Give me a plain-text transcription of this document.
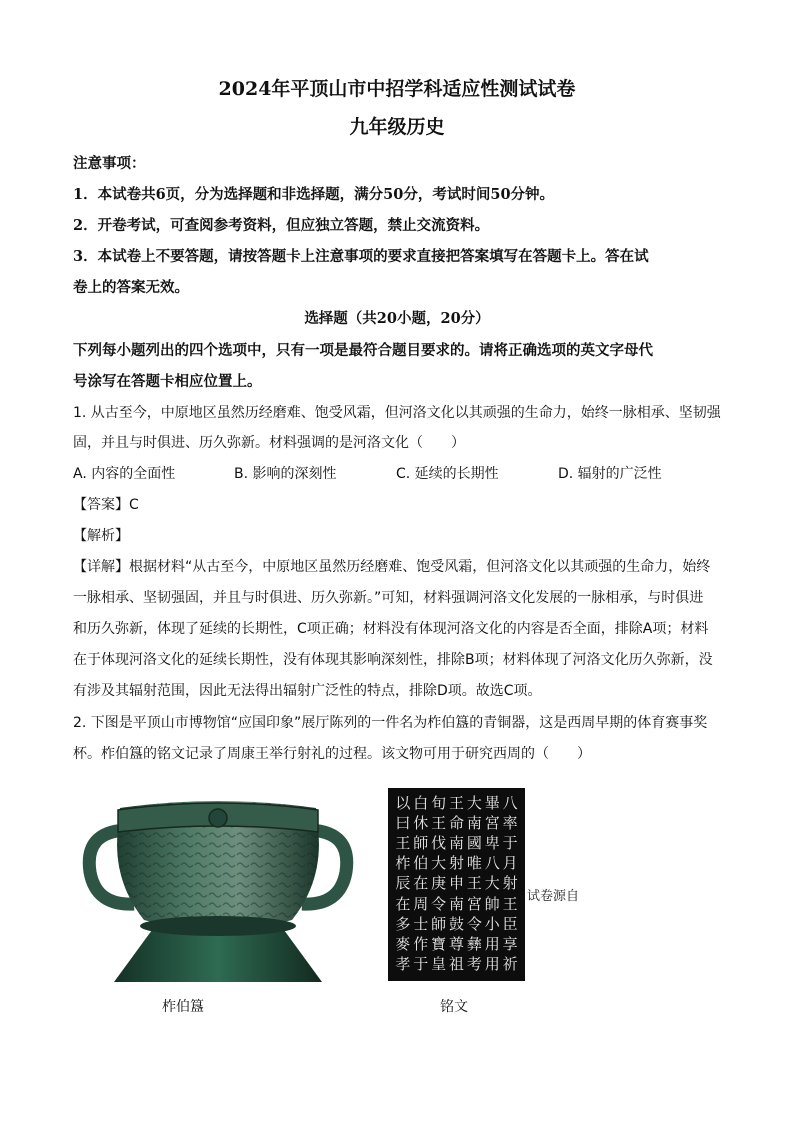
2024年平顶山市中招学科适应性测试试卷
九年级历史
注意事项：
1．本试卷共6页，分为选择题和非选择题，满分50分，考试时间50分钟。
2．开卷考试，可查阅参考资料，但应独立答题，禁止交流资料。
3．本试卷上不要答题，请按答题卡上注意事项的要求直接把答案填写在答题卡上。答在试
卷上的答案无效。
选择题（共20小题，20分）
下列每小题列出的四个选项中，只有一项是最符合题目要求的。请将正确选项的英文字母代
号涂写在答题卡相应位置上。
1. 从古至今，中原地区虽然历经磨难、饱受风霜，但河洛文化以其顽强的生命力，始终一脉相承、坚韧强
固，并且与时俱进、历久弥新。材料强调的是河洛文化（　　）
A. 内容的全面性	B. 影响的深刻性	C. 延续的长期性	D. 辐射的广泛性
【答案】C
【解析】
【详解】根据材料“从古至今，中原地区虽然历经磨难、饱受风霜，但河洛文化以其顽强的生命力，始终
一脉相承、坚韧强固，并且与时俱进、历久弥新。”可知，材料强调河洛文化发展的一脉相承，与时俱进
和历久弥新，体现了延续的长期性，C项正确；材料没有体现河洛文化的内容是否全面，排除A项；材料
在于体现河洛文化的延续长期性，没有体现其影响深刻性，排除B项；材料体现了河洛文化历久弥新，没
有涉及其辐射范围，因此无法得出辐射广泛性的特点，排除D项。故选C项。
2. 下图是平顶山市博物馆“应国印象”展厅陈列的一件名为柞伯簋的青铜器，这是西周早期的体育赛事奖
杯。柞伯簋的铭文记录了周康王举行射礼的过程。该文物可用于研究西周的（　　）
以 白 旬 王 大 畢 八
曰 休 王 命 南 宮 率
王 師 伐 南 國 卑 于
柞 伯 大 射 唯 八 月
辰 在 庚 申 王 大 射
在 周 令 南 宮 帥 王
多 士 師 鼓 令 小 臣
麥 作 寶 尊 彝 用 享
孝 于 皇 祖 考 用 祈
试卷源自
柞伯簋	铭文
